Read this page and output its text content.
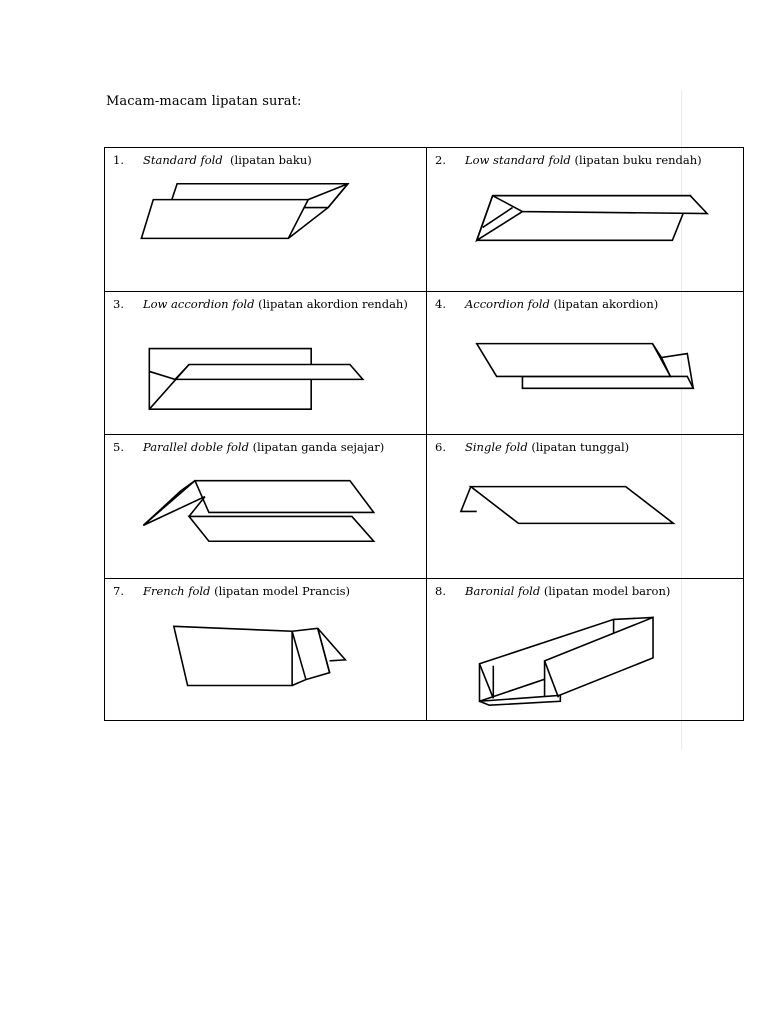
Macam-macam lipatan surat:
1.	Standard fold (lipatan baku)	2.	Low standard fold (lipatan buku rendah)
3.	Low accordion fold (lipatan akordion rendah)	4.	Accordion fold (lipatan akordion)
5.	Parallel doble fold (lipatan ganda sejajar)	6.	Single fold (lipatan tunggal)
7.	French fold (lipatan model Prancis)	8.	Baronial fold (lipatan model baron)
